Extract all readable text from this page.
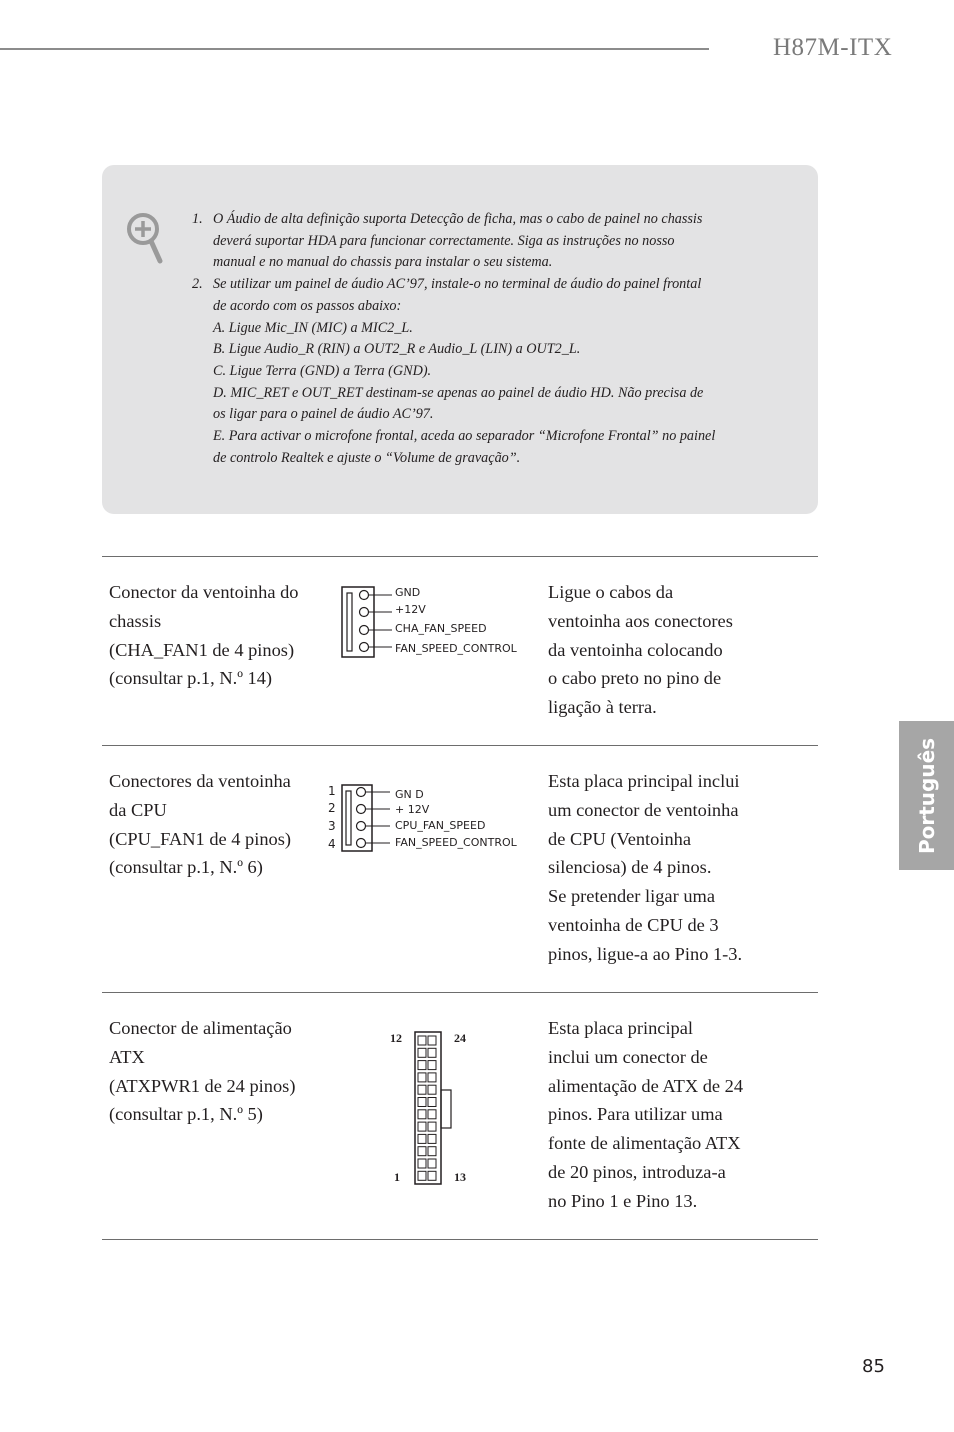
H87M-ITX
1. O Áudio de alta definição suporta Detecção de ficha, mas o cabo de painel no chassis
deverá suportar HDA para funcionar correctamente. Siga as instruções no nosso
manual e no manual do chassis para instalar o seu sistema.
2. Se utilizar um painel de áudio AC’97, instale-o no terminal de áudio do painel frontal
de acordo com os passos abaixo:
A. Ligue Mic_IN (MIC) a MIC2_L.
B. Ligue Audio_R (RIN) a OUT2_R e Audio_L (LIN) a OUT2_L.
C. Ligue Terra (GND) a Terra (GND).
D. MIC_RET e OUT_RET destinam-se apenas ao painel de áudio HD. Não precisa de
os ligar para o painel de áudio AC’97.
E. Para activar o microfone frontal, aceda ao separador “Microfone Frontal” no painel
de controlo Realtek e ajuste o “Volume de gravação”.
Conector da ventoinha do
chassis
(CHA_FAN1 de 4 pinos)
(consultar p.1, N.º 14)
GND
+12V
CHA_FAN_SPEED
FAN_SPEED_CONTROL
Ligue o cabos da
ventoinha aos conectores
da ventoinha colocando
o cabo preto no pino de
ligação à terra.
Conectores da ventoinha
da CPU
(CPU_FAN1 de 4 pinos)
(consultar p.1, N.º 6)
1
2
3
4
GN D
+ 12V
CPU_FAN_SPEED
FAN_SPEED_CONTROL
Esta placa principal inclui
um conector de ventoinha
de CPU (Ventoinha
silenciosa) de 4 pinos.
Se pretender ligar uma
ventoinha de CPU de 3
pinos, ligue-a ao Pino 1-3.
Conector de alimentação
ATX
(ATXPWR1 de 24 pinos)
(consultar p.1, N.º 5)
12	24
1	13
Esta placa principal
inclui um conector de
alimentação de ATX de 24
pinos. Para utilizar uma
fonte de alimentação ATX
de 20 pinos, introduza-a
no Pino 1 e Pino 13.
Português
85
